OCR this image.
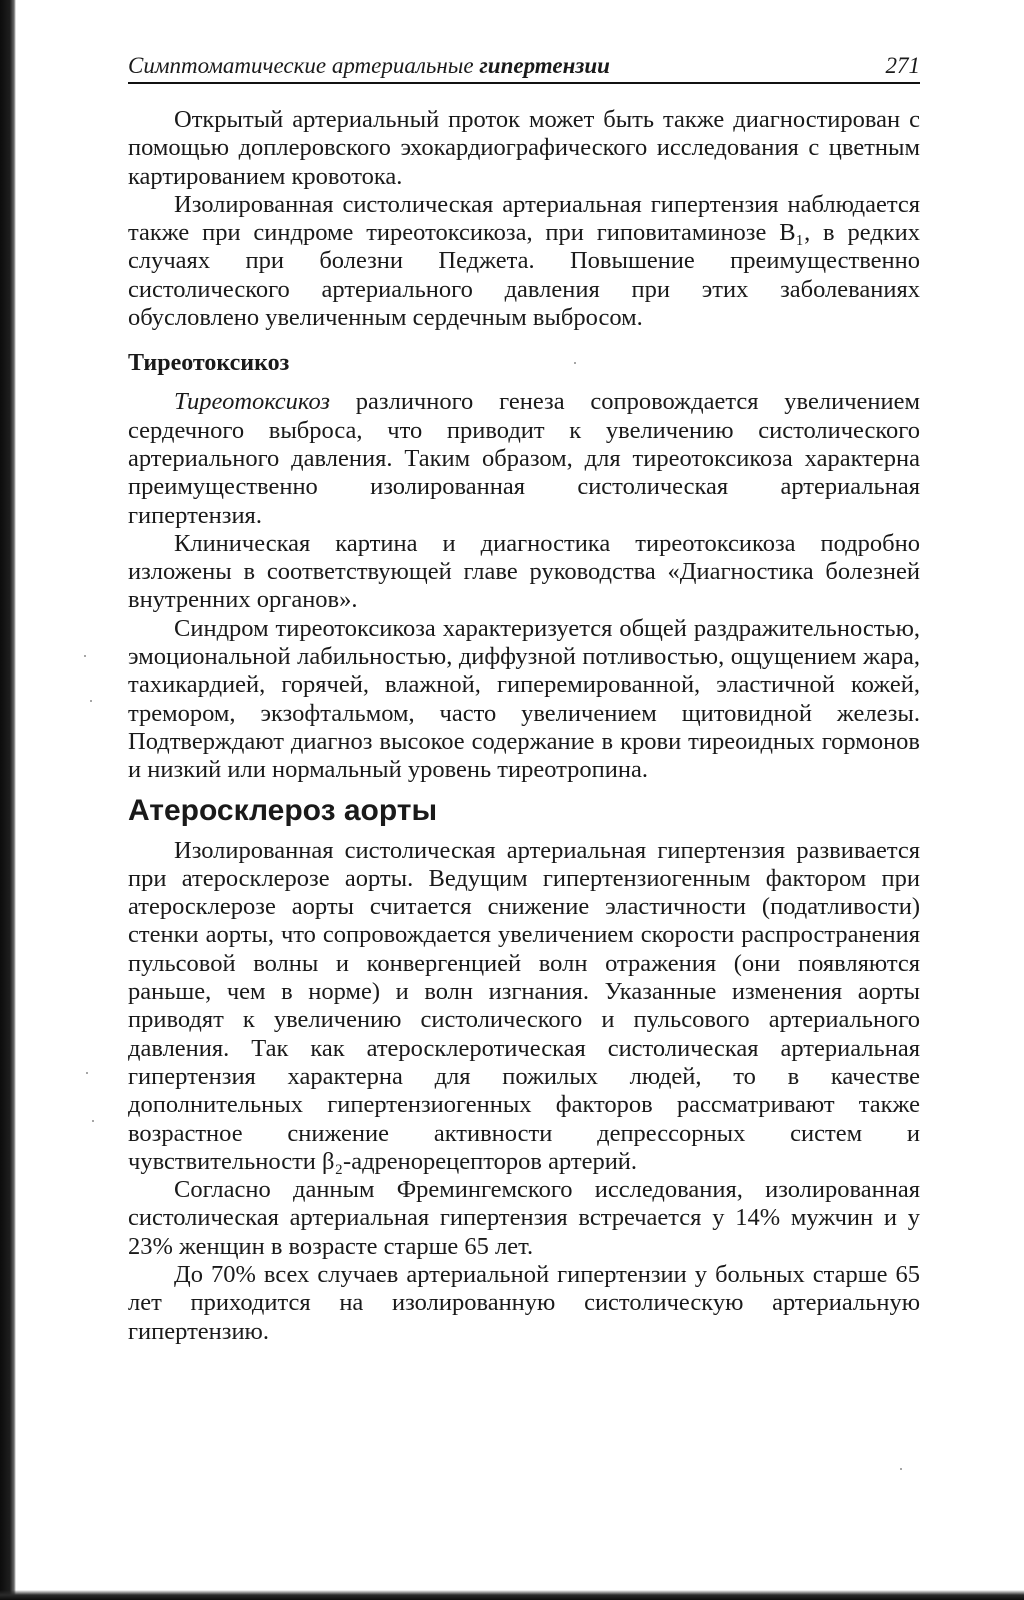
Симптоматические артериальные гипертензии	271

Открытый артериальный проток может быть также диагностирован с помощью доплеровского эхокардиографического исследования с цветным картированием кровотока.

Изолированная систолическая артериальная гипертензия наблюдается также при синдроме тиреотоксикоза, при гиповитаминозе B₁, в редких случаях при болезни Педжета. Повышение преимущественно систолического артериального давления при этих заболеваниях обусловлено увеличенным сердечным выбросом.

Тиреотоксикоз

Тиреотоксикоз различного генеза сопровождается увеличением сердечного выброса, что приводит к увеличению систолического артериального давления. Таким образом, для тиреотоксикоза характерна преимущественно изолированная систолическая артериальная гипертензия.

Клиническая картина и диагностика тиреотоксикоза подробно изложены в соответствующей главе руководства «Диагностика болезней внутренних органов».

Синдром тиреотоксикоза характеризуется общей раздражительностью, эмоциональной лабильностью, диффузной потливостью, ощущением жара, тахикардией, горячей, влажной, гиперемированной, эластичной кожей, тремором, экзофтальмом, часто увеличением щитовидной железы. Подтверждают диагноз высокое содержание в крови тиреоидных гормонов и низкий или нормальный уровень тиреотропина.

Атеросклероз аорты

Изолированная систолическая артериальная гипертензия развивается при атеросклерозе аорты. Ведущим гипертензиогенным фактором при атеросклерозе аорты считается снижение эластичности (податливости) стенки аорты, что сопровождается увеличением скорости распространения пульсовой волны и конвергенцией волн отражения (они появляются раньше, чем в норме) и волн изгнания. Указанные изменения аорты приводят к увеличению систолического и пульсового артериального давления. Так как атеросклеротическая систолическая артериальная гипертензия характерна для пожилых людей, то в качестве дополнительных гипертензиогенных факторов рассматривают также возрастное снижение активности депрессорных систем и чувствительности β₂-адренорецепторов артерий.

Согласно данным Фремингемского исследования, изолированная систолическая артериальная гипертензия встречается у 14% мужчин и у 23% женщин в возрасте старше 65 лет.

До 70% всех случаев артериальной гипертензии у больных старше 65 лет приходится на изолированную систолическую артериальную гипертензию.
